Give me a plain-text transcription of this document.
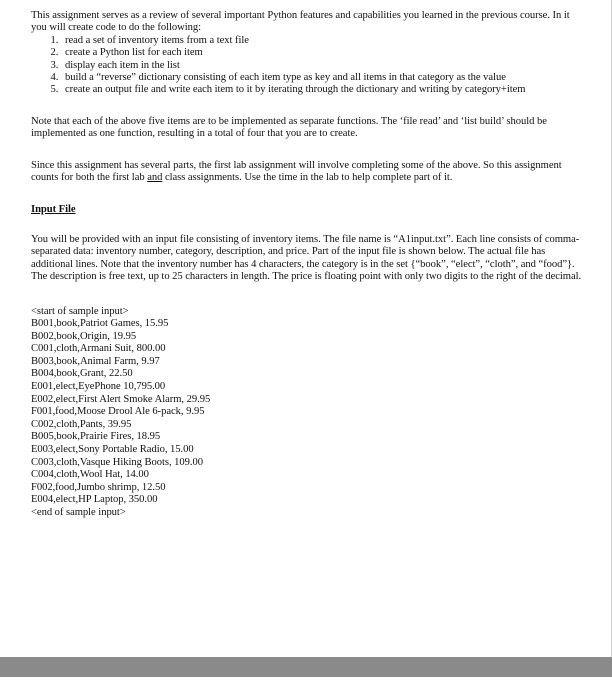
This assignment serves as a review of several important Python features and capabilities you learned in the previous course. In it you will create code to do the following:

1. read a set of inventory items from a text file
2. create a Python list for each item
3. display each item in the list
4. build a “reverse” dictionary consisting of each item type as key and all items in that category as the value
5. create an output file and write each item to it by iterating through the dictionary and writing by category+item

Note that each of the above five items are to be implemented as separate functions. The ‘file read’ and ‘list build’ should be implemented as one function, resulting in a total of four that you are to create.

Since this assignment has several parts, the first lab assignment will involve completing some of the above. So this assignment counts for both the first lab and class assignments. Use the time in the lab to help complete part of it.

Input File

You will be provided with an input file consisting of inventory items. The file name is “A1input.txt”. Each line consists of comma-separated data: inventory number, category, description, and price. Part of the input file is shown below. The actual file has additional lines. Note that the inventory number has 4 characters, the category is in the set {“book”, “elect”, “cloth”, and “food”}. The description is free text, up to 25 characters in length. The price is floating point with only two digits to the right of the decimal.

<start of sample input>
B001,book,Patriot Games, 15.95
B002,book,Origin, 19.95
C001,cloth,Armani Suit, 800.00
B003,book,Animal Farm, 9.97
B004,book,Grant, 22.50
E001,elect,EyePhone 10,795.00
E002,elect,First Alert Smoke Alarm, 29.95
F001,food,Moose Drool Ale 6-pack, 9.95
C002,cloth,Pants, 39.95
B005,book,Prairie Fires, 18.95
E003,elect,Sony Portable Radio, 15.00
C003,cloth,Vasque Hiking Boots, 109.00
C004,cloth,Wool Hat, 14.00
F002,food,Jumbo shrimp, 12.50
E004,elect,HP Laptop, 350.00
<end of sample input>
